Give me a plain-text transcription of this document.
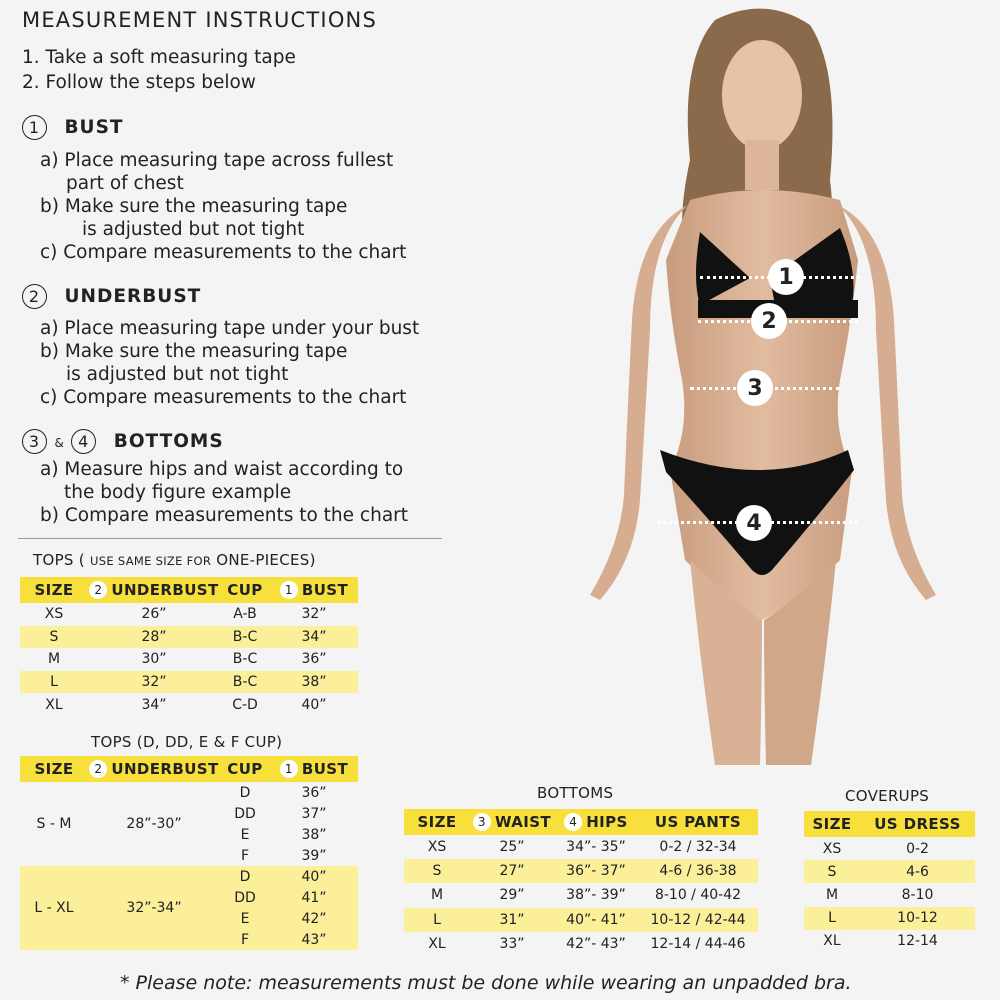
MEASUREMENT INSTRUCTIONS
1. Take a soft measuring tape
2. Follow the steps below
1 BUST
a) Place measuring tape across fullest
part of chest
b) Make sure the measuring tape
is adjusted but not tight
c) Compare measurements to the chart
2 UNDERBUST
a) Place measuring tape under your bust
b) Make sure the measuring tape
is adjusted but not tight
c) Compare measurements to the chart
3 & 4 BOTTOMS
a) Measure hips and waist according to
the body figure example
b) Compare measurements to the chart
TOPS ( USE SAME SIZE FOR ONE-PIECES)
SIZE	2 UNDERBUST	CUP	1 BUST
XS	26”	A-B	32”
S	28”	B-C	34”
M	30”	B-C	36”
L	32”	B-C	38”
XL	34”	C-D	40”
TOPS (D, DD, E & F CUP)
SIZE	2 UNDERBUST	CUP	1 BUST
S - M	28”-30”	D	36”
		DD	37”
		E	38”
		F	39”
L - XL	32”-34”	D	40”
		DD	41”
		E	42”
		F	43”
BOTTOMS
SIZE	3 WAIST	4 HIPS	US PANTS
XS	25”	34”- 35”	0-2 / 32-34
S	27”	36”- 37”	4-6 / 36-38
M	29”	38”- 39”	8-10 / 40-42
L	31”	40”- 41”	10-12 / 42-44
XL	33”	42”- 43”	12-14 / 44-46
COVERUPS
SIZE	US DRESS
XS	0-2
S	4-6
M	8-10
L	10-12
XL	12-14
1
2
3
4
* Please note: measurements must be done while wearing an unpadded bra.
